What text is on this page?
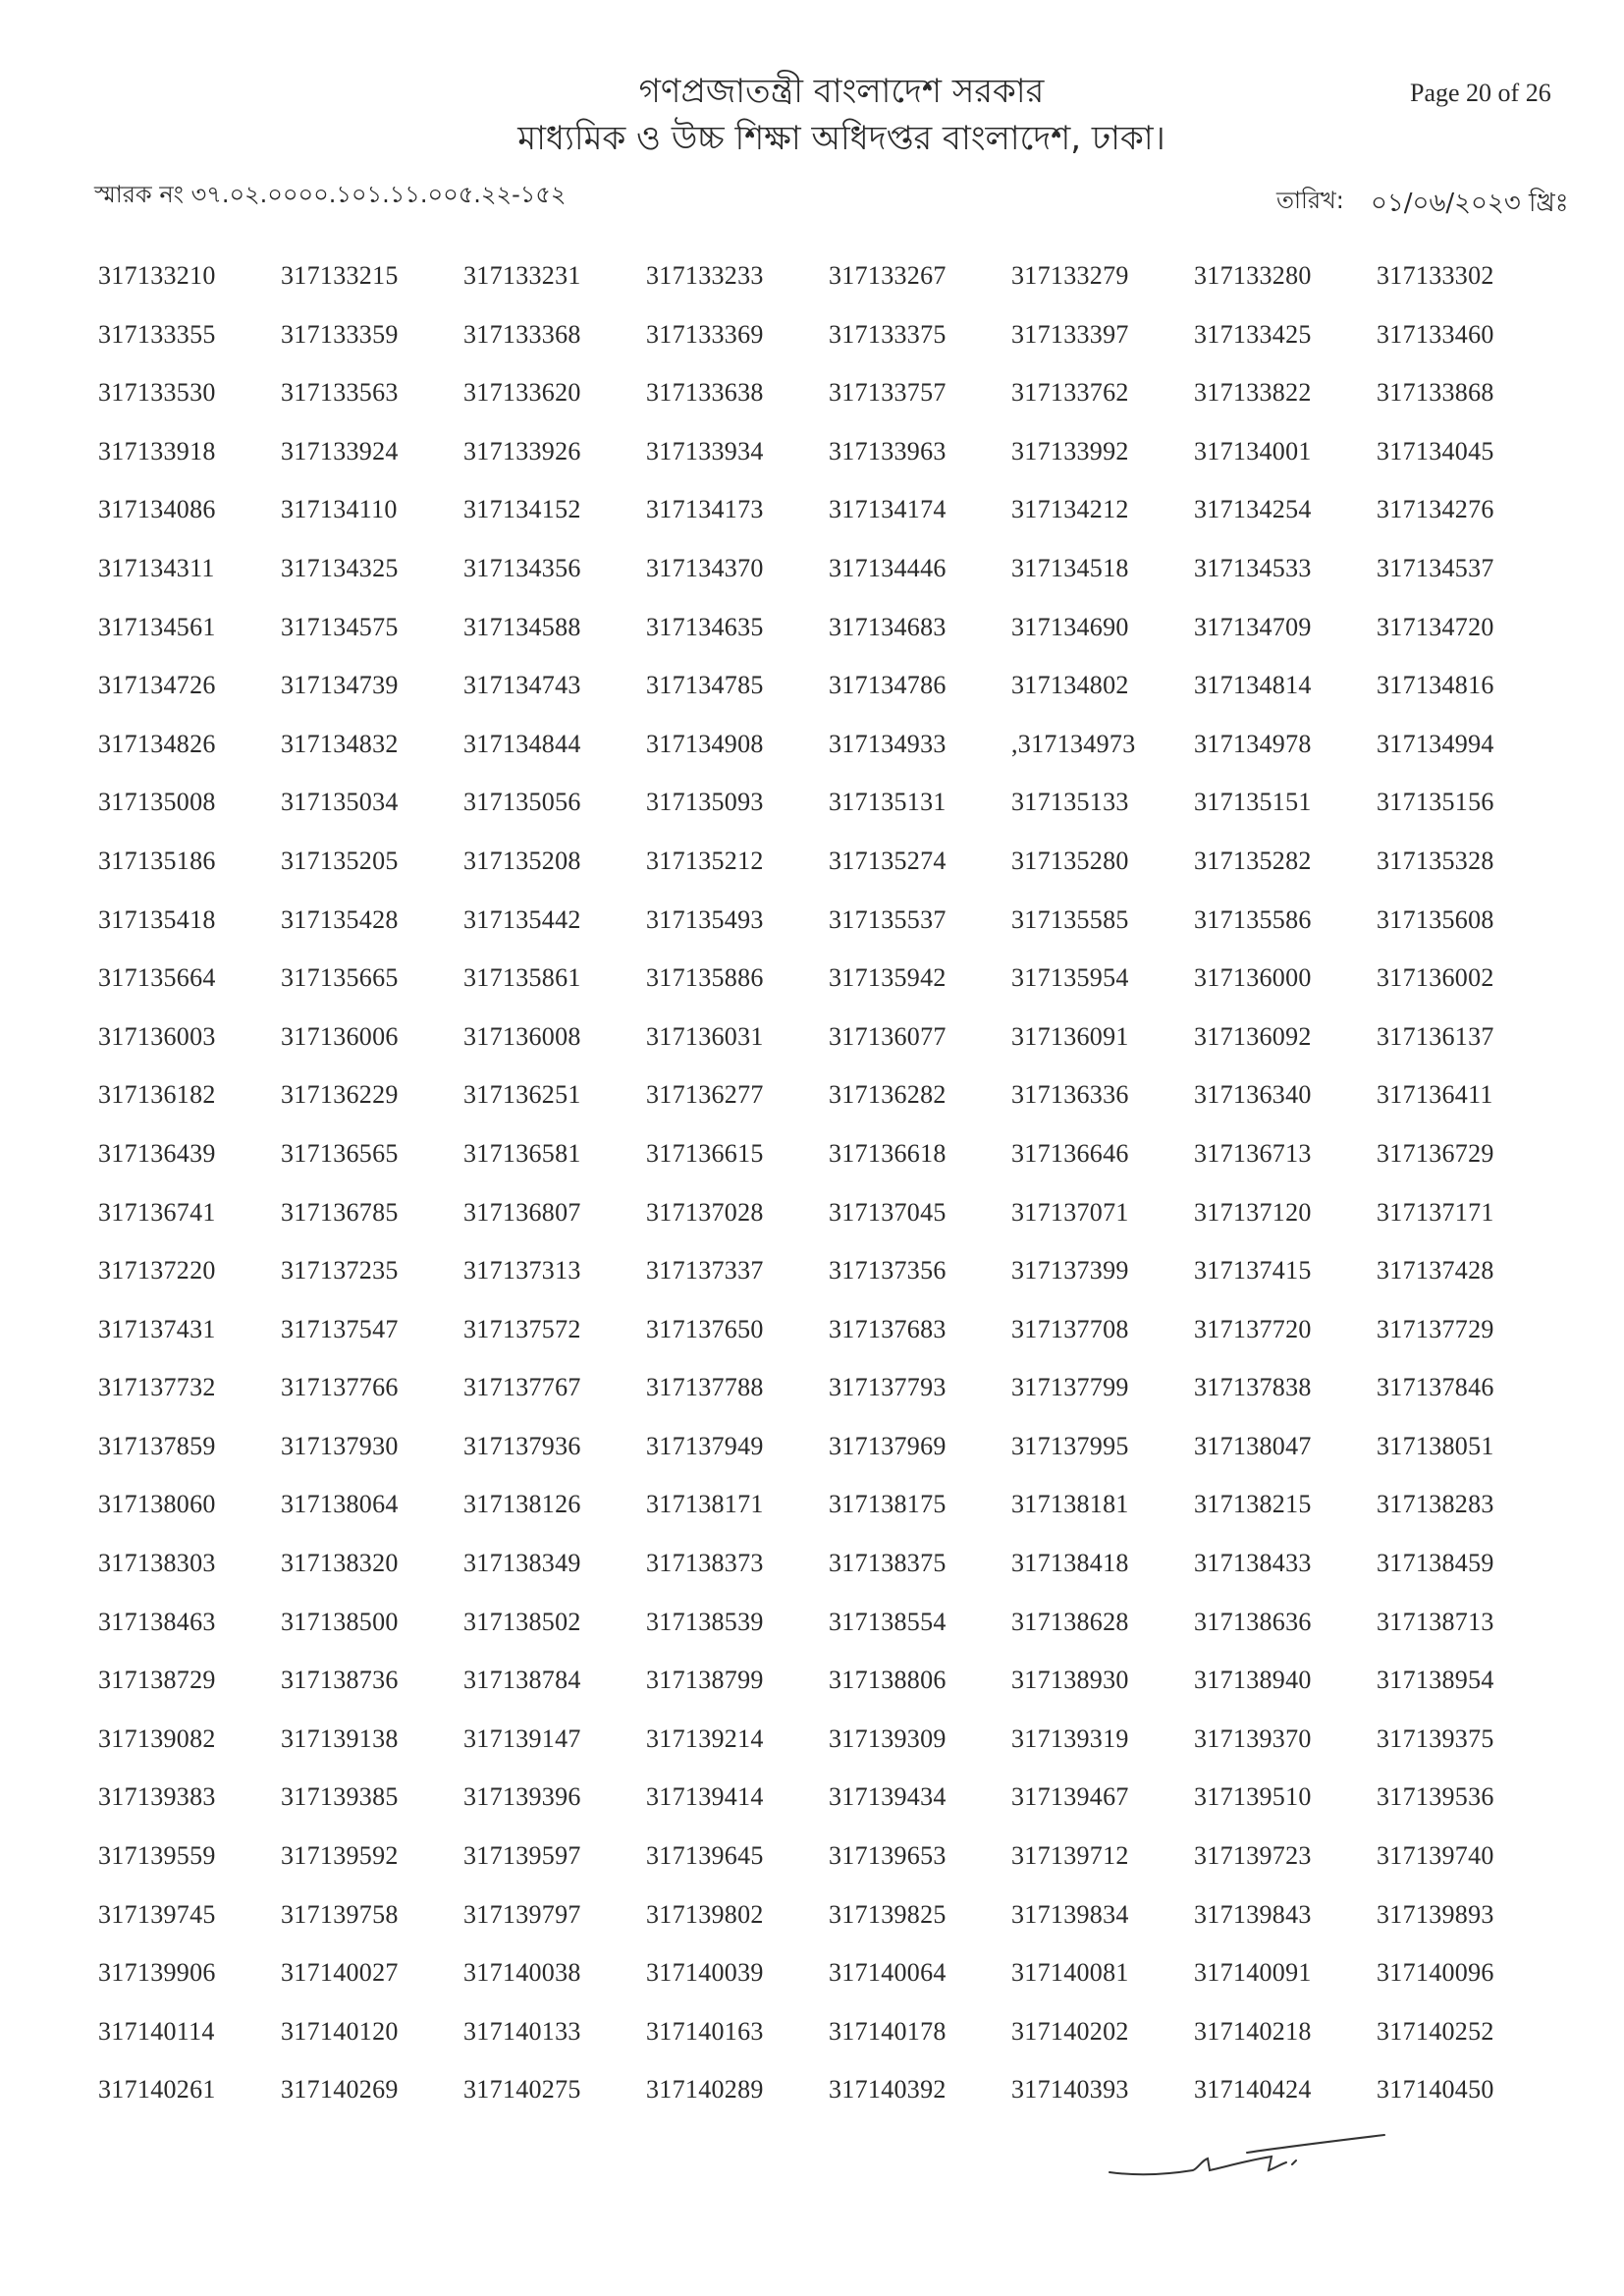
গণপ্রজাতন্ত্রী বাংলাদেশ সরকার
মাধ্যমিক ও উচ্চ শিক্ষা অধিদপ্তর বাংলাদেশ, ঢাকা।
Page 20 of 26
স্মারক নং ৩৭.০২.০০০০.১০১.১১.০০৫.২২-১৫২	তারিখ: ০১/০৬/২০২৩ খ্রিঃ
317133210	317133215	317133231	317133233	317133267	317133279	317133280	317133302
317133355	317133359	317133368	317133369	317133375	317133397	317133425	317133460
317133530	317133563	317133620	317133638	317133757	317133762	317133822	317133868
317133918	317133924	317133926	317133934	317133963	317133992	317134001	317134045
317134086	317134110	317134152	317134173	317134174	317134212	317134254	317134276
317134311	317134325	317134356	317134370	317134446	317134518	317134533	317134537
317134561	317134575	317134588	317134635	317134683	317134690	317134709	317134720
317134726	317134739	317134743	317134785	317134786	317134802	317134814	317134816
317134826	317134832	317134844	317134908	317134933	,317134973	317134978	317134994
317135008	317135034	317135056	317135093	317135131	317135133	317135151	317135156
317135186	317135205	317135208	317135212	317135274	317135280	317135282	317135328
317135418	317135428	317135442	317135493	317135537	317135585	317135586	317135608
317135664	317135665	317135861	317135886	317135942	317135954	317136000	317136002
317136003	317136006	317136008	317136031	317136077	317136091	317136092	317136137
317136182	317136229	317136251	317136277	317136282	317136336	317136340	317136411
317136439	317136565	317136581	317136615	317136618	317136646	317136713	317136729
317136741	317136785	317136807	317137028	317137045	317137071	317137120	317137171
317137220	317137235	317137313	317137337	317137356	317137399	317137415	317137428
317137431	317137547	317137572	317137650	317137683	317137708	317137720	317137729
317137732	317137766	317137767	317137788	317137793	317137799	317137838	317137846
317137859	317137930	317137936	317137949	317137969	317137995	317138047	317138051
317138060	317138064	317138126	317138171	317138175	317138181	317138215	317138283
317138303	317138320	317138349	317138373	317138375	317138418	317138433	317138459
317138463	317138500	317138502	317138539	317138554	317138628	317138636	317138713
317138729	317138736	317138784	317138799	317138806	317138930	317138940	317138954
317139082	317139138	317139147	317139214	317139309	317139319	317139370	317139375
317139383	317139385	317139396	317139414	317139434	317139467	317139510	317139536
317139559	317139592	317139597	317139645	317139653	317139712	317139723	317139740
317139745	317139758	317139797	317139802	317139825	317139834	317139843	317139893
317139906	317140027	317140038	317140039	317140064	317140081	317140091	317140096
317140114	317140120	317140133	317140163	317140178	317140202	317140218	317140252
317140261	317140269	317140275	317140289	317140392	317140393	317140424	317140450
